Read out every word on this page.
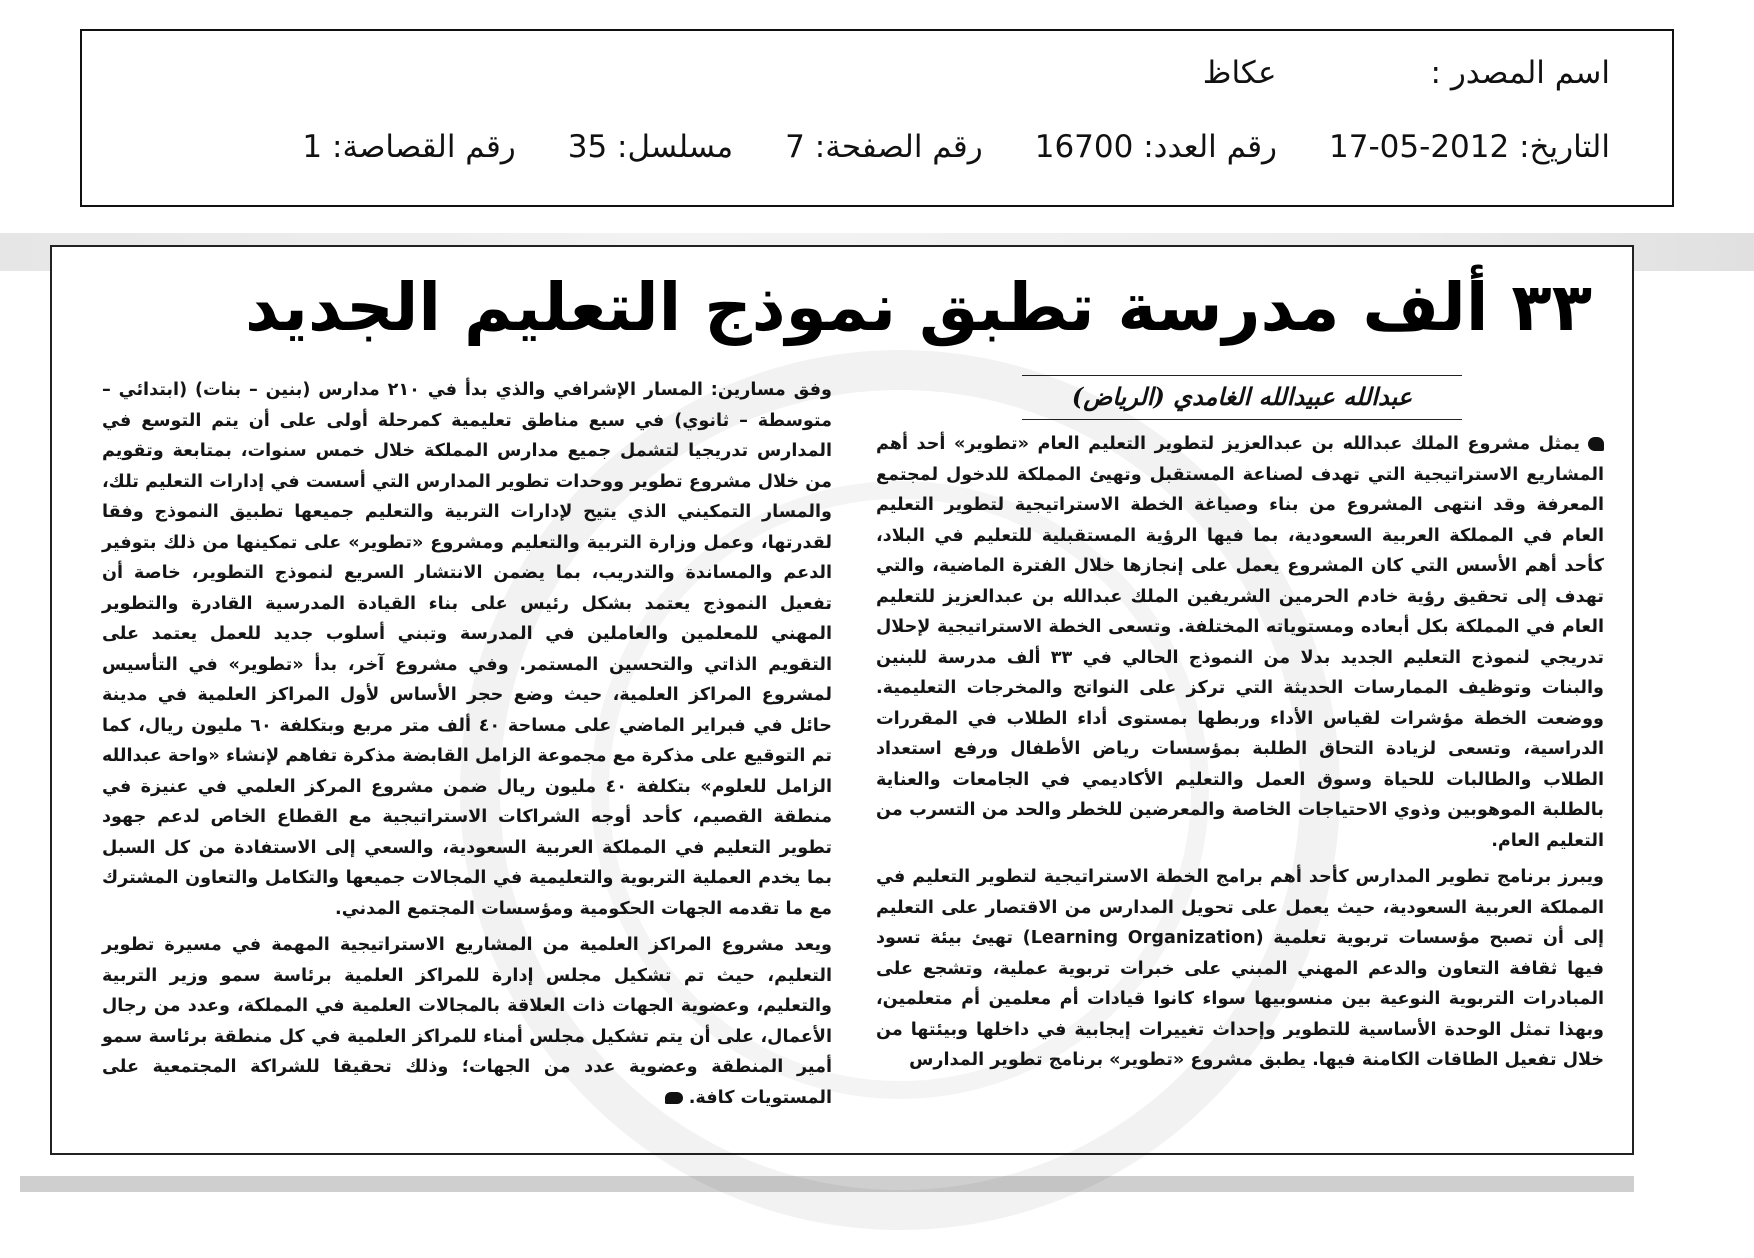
اسم المصدر :
عكاظ
التاريخ: 2012-05-17
رقم العدد: 16700
رقم الصفحة: 7
مسلسل: 35
رقم القصاصة: 1
٣٣ ألف مدرسة تطبق نموذج التعليم الجديد
عبدالله عبيدالله الغامدي (الرياض)

يمثل مشروع الملك عبدالله بن عبدالعزيز لتطوير التعليم العام «تطوير» أحد أهم المشاريع الاستراتيجية التي تهدف لصناعة المستقبل وتهيئ المملكة للدخول لمجتمع المعرفة وقد انتهى المشروع من بناء وصياغة الخطة الاستراتيجية لتطوير التعليم العام في المملكة العربية السعودية، بما فيها الرؤية المستقبلية للتعليم في البلاد، كأحد أهم الأسس التي كان المشروع يعمل على إنجازها خلال الفترة الماضية، والتي تهدف إلى تحقيق رؤية خادم الحرمين الشريفين الملك عبدالله بن عبدالعزيز للتعليم العام في المملكة بكل أبعاده ومستوياته المختلفة. وتسعى الخطة الاستراتيجية لإحلال تدريجي لنموذج التعليم الجديد بدلا من النموذج الحالي في ٣٣ ألف مدرسة للبنين والبنات وتوظيف الممارسات الحديثة التي تركز على النواتج والمخرجات التعليمية. ووضعت الخطة مؤشرات لقياس الأداء وربطها بمستوى أداء الطلاب في المقررات الدراسية، وتسعى لزيادة التحاق الطلبة بمؤسسات رياض الأطفال ورفع استعداد الطلاب والطالبات للحياة وسوق العمل والتعليم الأكاديمي في الجامعات والعناية بالطلبة الموهوبين وذوي الاحتياجات الخاصة والمعرضين للخطر والحد من التسرب من التعليم العام.

ويبرز برنامج تطوير المدارس كأحد أهم برامج الخطة الاستراتيجية لتطوير التعليم في المملكة العربية السعودية، حيث يعمل على تحويل المدارس من الاقتصار على التعليم إلى أن تصبح مؤسسات تربوية تعلمية (Learning Organization) تهيئ بيئة تسود فيها ثقافة التعاون والدعم المهني المبني على خبرات تربوية عملية، وتشجع على المبادرات التربوية النوعية بين منسوبيها سواء كانوا قيادات أم معلمين أم متعلمين، وبهذا تمثل الوحدة الأساسية للتطوير وإحداث تغييرات إيجابية في داخلها وبيئتها من خلال تفعيل الطاقات الكامنة فيها. يطبق مشروع «تطوير» برنامج تطوير المدارس

وفق مسارين: المسار الإشرافي والذي بدأ في ٢١٠ مدارس (بنين – بنات) (ابتدائي – متوسطة – ثانوي) في سبع مناطق تعليمية كمرحلة أولى على أن يتم التوسع في المدارس تدريجيا لتشمل جميع مدارس المملكة خلال خمس سنوات، بمتابعة وتقويم من خلال مشروع تطوير ووحدات تطوير المدارس التي أسست في إدارات التعليم تلك، والمسار التمكيني الذي يتيح لإدارات التربية والتعليم جميعها تطبيق النموذج وفقا لقدرتها، وعمل وزارة التربية والتعليم ومشروع «تطوير» على تمكينها من ذلك بتوفير الدعم والمساندة والتدريب، بما يضمن الانتشار السريع لنموذج التطوير، خاصة أن تفعيل النموذج يعتمد بشكل رئيس على بناء القيادة المدرسية القادرة والتطوير المهني للمعلمين والعاملين في المدرسة وتبني أسلوب جديد للعمل يعتمد على التقويم الذاتي والتحسين المستمر. وفي مشروع آخر، بدأ «تطوير» في التأسيس لمشروع المراكز العلمية، حيث وضع حجر الأساس لأول المراكز العلمية في مدينة حائل في فبراير الماضي على مساحة ٤٠ ألف متر مربع وبتكلفة ٦٠ مليون ريال، كما تم التوقيع على مذكرة مع مجموعة الزامل القابضة مذكرة تفاهم لإنشاء «واحة عبدالله الزامل للعلوم» بتكلفة ٤٠ مليون ريال ضمن مشروع المركز العلمي في عنيزة في منطقة القصيم، كأحد أوجه الشراكات الاستراتيجية مع القطاع الخاص لدعم جهود تطوير التعليم في المملكة العربية السعودية، والسعي إلى الاستفادة من كل السبل بما يخدم العملية التربوية والتعليمية في المجالات جميعها والتكامل والتعاون المشترك مع ما تقدمه الجهات الحكومية ومؤسسات المجتمع المدني.

ويعد مشروع المراكز العلمية من المشاريع الاستراتيجية المهمة في مسيرة تطوير التعليم، حيث تم تشكيل مجلس إدارة للمراكز العلمية برئاسة سمو وزير التربية والتعليم، وعضوية الجهات ذات العلاقة بالمجالات العلمية في المملكة، وعدد من رجال الأعمال، على أن يتم تشكيل مجلس أمناء للمراكز العلمية في كل منطقة برئاسة سمو أمير المنطقة وعضوية عدد من الجهات؛ وذلك تحقيقا للشراكة المجتمعية على المستويات كافة.
